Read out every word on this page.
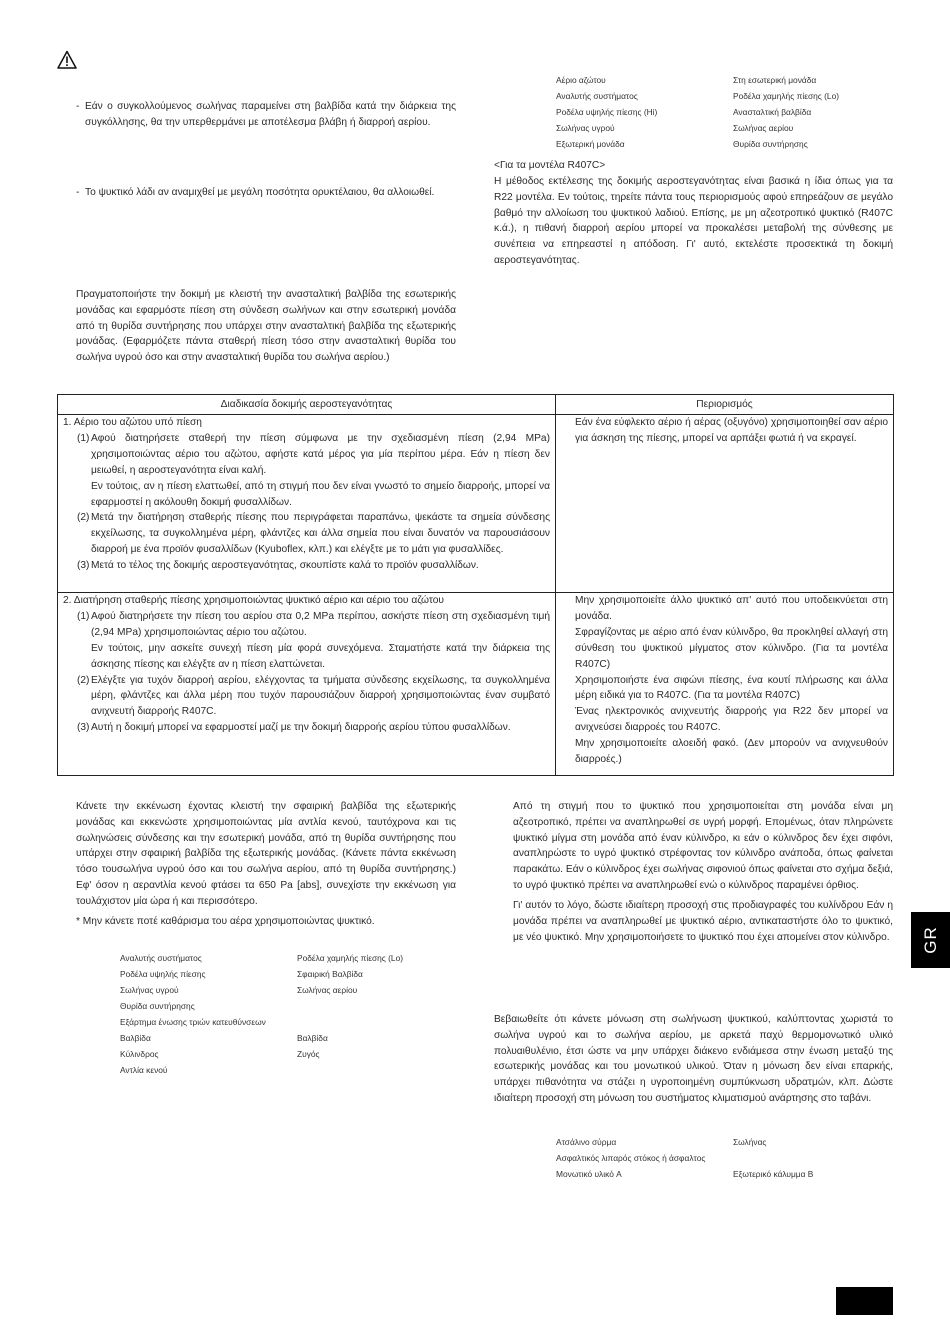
- Εάν ο συγκολλούμενος σωλήνας παραμείνει στη βαλβίδα κατά την διάρκεια της συγκόλλησης, θα την υπερθερμάνει με αποτέλεσμα βλάβη ή διαρροή αερίου.
- Το ψυκτικό λάδι αν αναμιχθεί με μεγάλη ποσότητα ορυκτέλαιου, θα αλλοιωθεί.
Πραγματοποιήστε την δοκιμή με κλειστή την ανασταλτική βαλβίδα της εσωτερικής μονάδας και εφαρμόστε πίεση στη σύνδεση σωλήνων και στην εσωτερική μονάδα από τη θυρίδα συντήρησης που υπάρχει στην ανασταλτική βαλβίδα της εξωτερικής μονάδας. (Εφαρμόζετε πάντα σταθερή πίεση τόσο στην ανασταλτική θυρίδα του σωλήνα υγρού όσο και στην ανασταλτική θυρίδα του σωλήνα αερίου.)
Αέριο αζώτου	Στη εσωτερική μονάδα
Αναλυτής συστήματος	Ροδέλα χαμηλής πίεσης (Lo)
Ροδέλα υψηλής πίεσης (Hi)	Ανασταλτική βαλβίδα
Σωλήνας υγρού	Σωλήνας αερίου
Εξωτερική μονάδα	Θυρίδα συντήρησης
<Για τα μοντέλα R407C>
Η μέθοδος εκτέλεσης της δοκιμής αεροστεγανότητας είναι βασικά η ίδια όπως για τα R22 μοντέλα. Εν τούτοις, τηρείτε πάντα τους περιορισμούς αφού επηρεάζουν σε μεγάλο βαθμό την αλλοίωση του ψυκτικού λαδιού. Επίσης, με μη αζεοτροπικό ψυκτικό (R407C κ.ά.), η πιθανή διαρροή αερίου μπορεί να προκαλέσει μεταβολή της σύνθεσης με συνέπεια να επηρεαστεί η απόδοση. Γι' αυτό, εκτελέστε προσεκτικά τη δοκιμή αεροστεγανότητας.
Διαδικασία δοκιμής αεροστεγανότητας	Περιορισμός
1. Αέριο του αζώτου υπό πίεση
(1) Αφού διατηρήσετε σταθερή την πίεση σύμφωνα με την σχεδιασμένη πίεση (2,94 MPa) χρησιμοποιώντας αέριο του αζώτου, αφήστε κατά μέρος για μία περίπου μέρα. Εάν η πίεση δεν μειωθεί, η αεροστεγανότητα είναι καλή.
Εν τούτοις, αν η πίεση ελαττωθεί, από τη στιγμή που δεν είναι γνωστό το σημείο διαρροής, μπορεί να εφαρμοστεί η ακόλουθη δοκιμή φυσαλλίδων.
(2) Μετά την διατήρηση σταθερής πίεσης που περιγράφεται παραπάνω, ψεκάστε τα σημεία σύνδεσης εκχείλωσης, τα συγκολλημένα μέρη, φλάντζες και άλλα σημεία που είναι δυνατόν να παρουσιάσουν διαρροή με ένα προϊόν φυσαλλίδων (Kyuboflex, κλπ.) και ελέγξτε με το μάτι για φυσαλλίδες.
(3) Μετά το τέλος της δοκιμής αεροστεγανότητας, σκουπίστε καλά το προϊόν φυσαλλίδων.
Εάν ένα εύφλεκτο αέριο ή αέρας (οξυγόνο) χρησιμοποιηθεί σαν αέριο για άσκηση της πίεσης, μπορεί να αρπάξει φωτιά ή να εκραγεί.
2. Διατήρηση σταθερής πίεσης χρησιμοποιώντας ψυκτικό αέριο και αέριο του αζώτου
(1) Αφού διατηρήσετε την πίεση του αερίου στα 0,2 MPa περίπου, ασκήστε πίεση στη σχεδιασμένη τιμή (2,94 MPa) χρησιμοποιώντας αέριο του αζώτου.
Εν τούτοις, μην ασκείτε συνεχή πίεση μία φορά συνεχόμενα. Σταματήστε κατά την διάρκεια της άσκησης πίεσης και ελέγξτε αν η πίεση ελαττώνεται.
(2) Ελέγξτε για τυχόν διαρροή αερίου, ελέγχοντας τα τμήματα σύνδεσης εκχείλωσης, τα συγκολλημένα μέρη, φλάντζες και άλλα μέρη που τυχόν παρουσιάζουν διαρροή χρησιμοποιώντας έναν συμβατό ανιχνευτή διαρροής R407C.
(3) Αυτή η δοκιμή μπορεί να εφαρμοστεί μαζί με την δοκιμή διαρροής αερίου τύπου φυσαλλίδων.
Μην χρησιμοποιείτε άλλο ψυκτικό απ' αυτό που υποδεικνύεται στη μονάδα.
Σφραγίζοντας με αέριο από έναν κύλινδρο, θα προκληθεί αλλαγή στη σύνθεση του ψυκτικού μίγματος στον κύλινδρο. (Για τα μοντέλα R407C)
Χρησιμοποιήστε ένα σιφώνι πίεσης, ένα κουτί πλήρωσης και άλλα μέρη ειδικά για το R407C. (Για τα μοντέλα R407C)
Ένας ηλεκτρονικός ανιχνευτής διαρροής για R22 δεν μπορεί να ανιχνεύσει διαρροές του R407C.
Μην χρησιμοποιείτε αλοειδή φακό. (Δεν μπορούν να ανιχνευθούν διαρροές.)
Κάνετε την εκκένωση έχοντας κλειστή την σφαιρική βαλβίδα της εξωτερικής μονάδας και εκκενώστε χρησιμοποιώντας μία αντλία κενού, ταυτόχρονα και τις σωληνώσεις σύνδεσης και την εσωτερική μονάδα, από τη θυρίδα συντήρησης που υπάρχει στην σφαιρική βαλβίδα της εξωτερικής μονάδας. (Κάνετε πάντα εκκένωση τόσο τουσωλήνα υγρού όσο και του σωλήνα αερίου, από τη θυρίδα συντήρησης.) Εφ' όσον η αερανtλία κενού φτάσει τα 650 Pa [abs], συνεχίστε την εκκένωση για τουλάχιστον μία ώρα ή και περισσότερο.
* Μην κάνετε ποτέ καθάρισμα του αέρα χρησιμοποιώντας ψυκτικό.
Αναλυτής συστήματος	Ροδέλα χαμηλής πίεσης (Lo)
Ροδέλα υψηλής πίεσης	Σφαιρική Βαλβίδα
Σωλήνας υγρού	Σωλήνας αερίου
Θυρίδα συντήρησης
Εξάρτημα ένωσης τριών κατευθύνσεων
Βαλβίδα	Βαλβίδα
Κύλινδρος	Ζυγός
Αντλία κενού
Από τη στιγμή που το ψυκτικό που χρησιμοποιείται στη μονάδα είναι μη αζεοτροπικό, πρέπει να αναπληρωθεί σε υγρή μορφή. Επομένως, όταν πληρώνετε ψυκτικό μίγμα στη μονάδα από έναν κύλινδρο, κι εάν ο κύλινδρος δεν έχει σιφόνι, αναπληρώστε το υγρό ψυκτικό στρέφοντας τον κύλινδρο ανάποδα, όπως φαίνεται παρακάτω. Εάν ο κύλινδρος έχει σωλήνας σιφονιού όπως φαίνεται στο σχήμα δεξιά, το υγρό ψυκτικό πρέπει να αναπληρωθεί ενώ ο κύλινδρος παραμένει όρθιος.
Γι' αυτόν το λόγο, δώστε ιδιαίτερη προσοχή στις προδιαγραφές του κυλίνδρου Εάν η μονάδα πρέπει να αναπληρωθεί με ψυκτικό αέριο, αντικαταστήστε όλο το ψυκτικό, με νέο ψυκτικό. Μην χρησιμοποιήσετε το ψυκτικό που έχει απομείνει στον κύλινδρο.
Βεβαιωθείτε ότι κάνετε μόνωση στη σωλήνωση ψυκτικού, καλύπτοντας χωριστά το σωλήνα υγρού και το σωλήνα αερίου, με αρκετά παχύ θερμομονωτικό υλικό πολυαιθυλένιο, έτσι ώστε να μην υπάρχει διάκενο ενδιάμεσα στην ένωση μεταξύ της εσωτερικής μονάδας και του μονωτικού υλικού. Όταν η μόνωση δεν είναι επαρκής, υπάρχει πιθανότητα να στάζει η υγροποιημένη συμπύκνωση υδρατμών, κλπ. Δώστε ιδιαίτερη προσοχή στη μόνωση του συστήματος κλιματισμού ανάρτησης στο ταβάνι.
Ατσάλινο σύρμα	Σωλήνας
Ασφαλτικός λιπαρός στόκος ή άσφαλτος
Μονωτικό υλικό A	Εξωτερικό κάλυμμα B
GR
